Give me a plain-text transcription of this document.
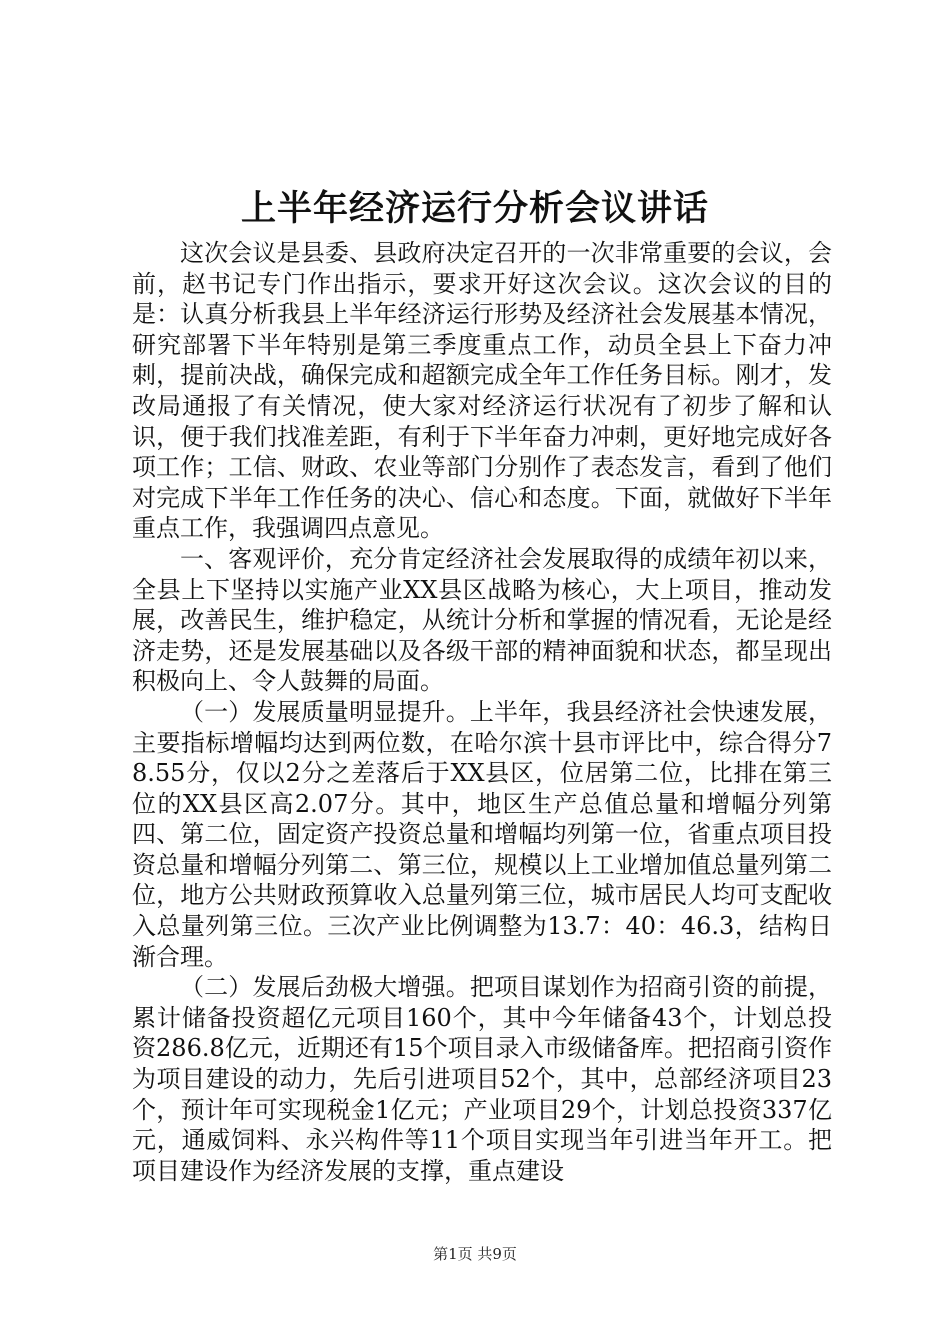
上半年经济运行分析会议讲话

这次会议是县委、县政府决定召开的一次非常重要的会议，会前，赵书记专门作出指示，要求开好这次会议。这次会议的目的是：认真分析我县上半年经济运行形势及经济社会发展基本情况，研究部署下半年特别是第三季度重点工作，动员全县上下奋力冲刺，提前决战，确保完成和超额完成全年工作任务目标。刚才，发改局通报了有关情况，使大家对经济运行状况有了初步了解和认识，便于我们找准差距，有利于下半年奋力冲刺，更好地完成好各项工作；工信、财政、农业等部门分别作了表态发言，看到了他们对完成下半年工作任务的决心、信心和态度。下面，就做好下半年重点工作，我强调四点意见。

一、客观评价，充分肯定经济社会发展取得的成绩年初以来，全县上下坚持以实施产业XX县区战略为核心，大上项目，推动发展，改善民生，维护稳定，从统计分析和掌握的情况看，无论是经济走势，还是发展基础以及各级干部的精神面貌和状态，都呈现出积极向上、令人鼓舞的局面。

（一）发展质量明显提升。上半年，我县经济社会快速发展，主要指标增幅均达到两位数，在哈尔滨十县市评比中，综合得分78.55分，仅以2分之差落后于XX县区，位居第二位，比排在第三位的XX县区高2.07分。其中，地区生产总值总量和增幅分列第四、第二位，固定资产投资总量和增幅均列第一位，省重点项目投资总量和增幅分列第二、第三位，规模以上工业增加值总量列第二位，地方公共财政预算收入总量列第三位，城市居民人均可支配收入总量列第三位。三次产业比例调整为13.7：40：46.3，结构日渐合理。

（二）发展后劲极大增强。把项目谋划作为招商引资的前提，累计储备投资超亿元项目160个，其中今年储备43个，计划总投资286.8亿元，近期还有15个项目录入市级储备库。把招商引资作为项目建设的动力，先后引进项目52个，其中，总部经济项目23个，预计年可实现税金1亿元；产业项目29个，计划总投资337亿元，通威饲料、永兴构件等11个项目实现当年引进当年开工。把项目建设作为经济发展的支撑，重点建设

第1页 共9页
